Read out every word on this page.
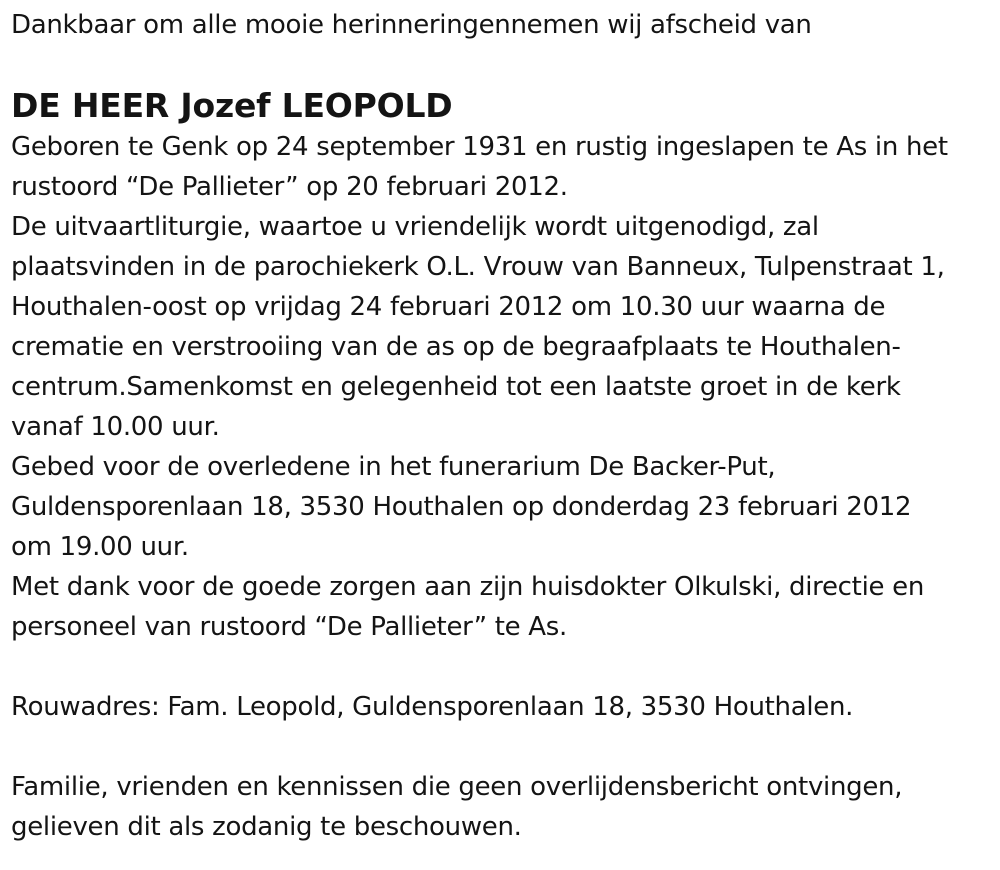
Dankbaar om alle mooie herinneringennemen wij afscheid van
DE HEER Jozef LEOPOLD
Geboren te Genk op 24 september 1931 en rustig ingeslapen te As in het
rustoord “De Pallieter” op 20 februari 2012.
De uitvaartliturgie, waartoe u vriendelijk wordt uitgenodigd, zal
plaatsvinden in de parochiekerk O.L. Vrouw van Banneux, Tulpenstraat 1,
Houthalen-oost op vrijdag 24 februari 2012 om 10.30 uur waarna de
crematie en verstrooiing van de as op de begraafplaats te Houthalen-
centrum.Samenkomst en gelegenheid tot een laatste groet in de kerk
vanaf 10.00 uur.
Gebed voor de overledene in het funerarium De Backer-Put,
Guldensporenlaan 18, 3530 Houthalen op donderdag 23 februari 2012
om 19.00 uur.
Met dank voor de goede zorgen aan zijn huisdokter Olkulski, directie en
personeel van rustoord “De Pallieter” te As.
Rouwadres: Fam. Leopold, Guldensporenlaan 18, 3530 Houthalen.
Familie, vrienden en kennissen die geen overlijdensbericht ontvingen,
gelieven dit als zodanig te beschouwen.
